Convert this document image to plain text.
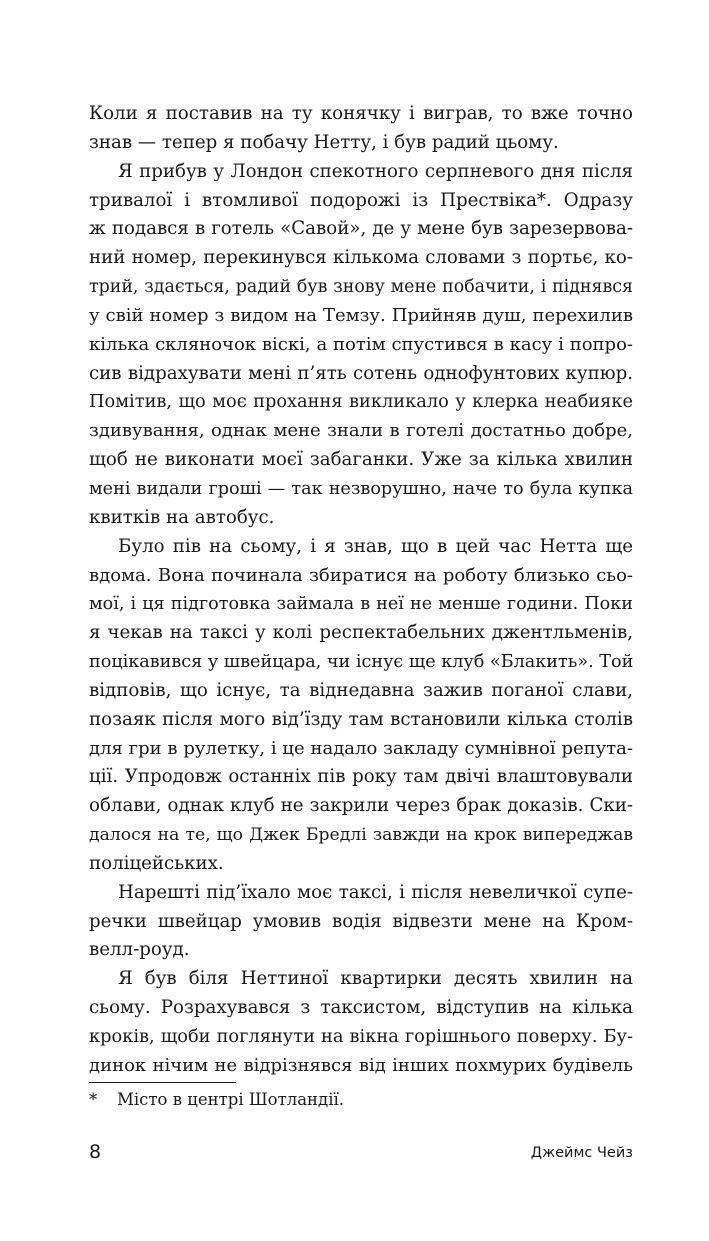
Коли я поставив на ту конячку і виграв, то вже точно
знав — тепер я побачу Нетту, і був радий цьому.
Я прибув у Лондон спекотного серпневого дня після
тривалої і втомливої подорожі із Прествіка*. Одразу
ж подався в готель «Савой», де у мене був зарезервова-
ний номер, перекинувся кількома словами з портьє, ко-
трий, здається, радий був знову мене побачити, і піднявся
у свій номер з видом на Темзу. Прийняв душ, перехилив
кілька скляночок віскі, а потім спустився в касу і попро-
сив відрахувати мені п’ять сотень однофунтових купюр.
Помітив, що моє прохання викликало у клерка неабияке
здивування, однак мене знали в готелі достатньо добре,
щоб не виконати моєї забаганки. Уже за кілька хвилин
мені видали гроші — так незворушно, наче то була купка
квитків на автобус.
Було пів на сьому, і я знав, що в цей час Нетта ще
вдома. Вона починала збиратися на роботу близько сьо-
мої, і ця підготовка займала в неї не менше години. Поки
я чекав на таксі у колі респектабельних джентльменів,
поцікавився у швейцара, чи існує ще клуб «Блакить». Той
відповів, що існує, та віднедавна зажив поганої слави,
позаяк після мого від’їзду там встановили кілька столів
для гри в рулетку, і це надало закладу сумнівної репута-
ції. Упродовж останніх пів року там двічі влаштовували
облави, однак клуб не закрили через брак доказів. Ски-
далося на те, що Джек Бредлі завжди на крок випереджав
поліцейських.
Нарешті під’їхало моє таксі, і після невеличкої супе-
речки швейцар умовив водія відвезти мене на Кром-
велл-роуд.
Я був біля Неттиної квартирки десять хвилин на
сьому. Розрахувався з таксистом, відступив на кілька
кроків, щоби поглянути на вікна горішнього поверху. Бу-
динок нічим не відрізнявся від інших похмурих будівель
* Місто в центрі Шотландії.
8	Джеймс Чейз
